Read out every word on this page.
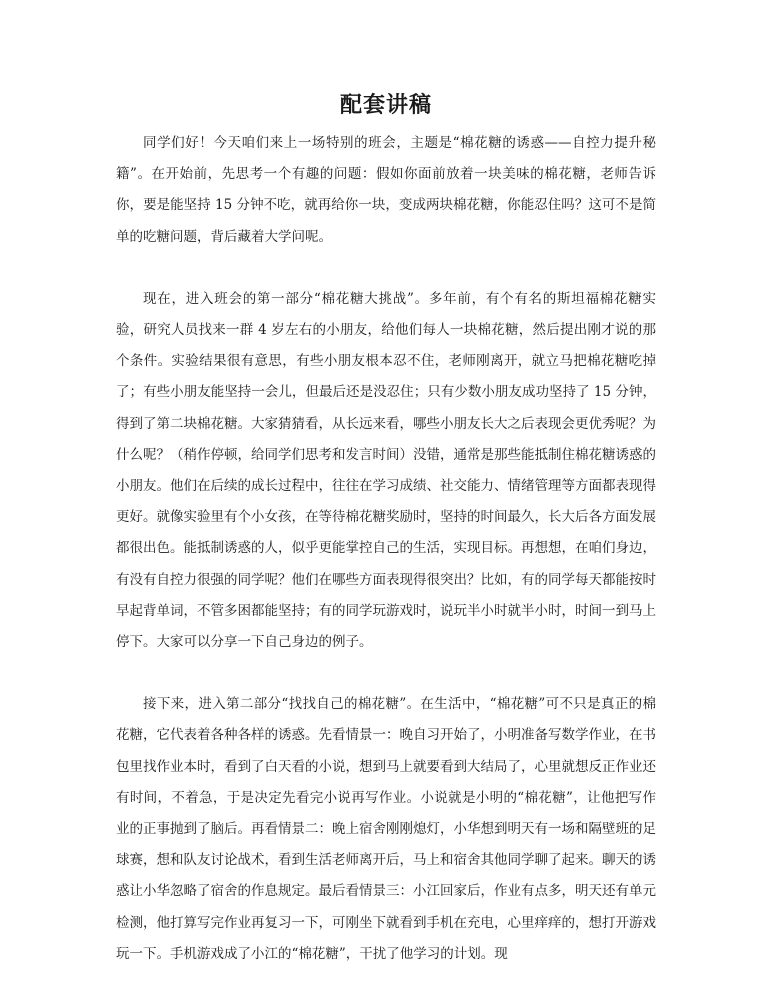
配套讲稿

同学们好！今天咱们来上一场特别的班会，主题是“棉花糖的诱惑——自控力提升秘籍”。在开始前，先思考一个有趣的问题：假如你面前放着一块美味的棉花糖，老师告诉你，要是能坚持 15 分钟不吃，就再给你一块，变成两块棉花糖，你能忍住吗？这可不是简单的吃糖问题，背后藏着大学问呢。

现在，进入班会的第一部分“棉花糖大挑战”。多年前，有个有名的斯坦福棉花糖实验，研究人员找来一群 4 岁左右的小朋友，给他们每人一块棉花糖，然后提出刚才说的那个条件。实验结果很有意思，有些小朋友根本忍不住，老师刚离开，就立马把棉花糖吃掉了；有些小朋友能坚持一会儿，但最后还是没忍住；只有少数小朋友成功坚持了 15 分钟，得到了第二块棉花糖。大家猜猜看，从长远来看，哪些小朋友长大之后表现会更优秀呢？为什么呢？（稍作停顿，给同学们思考和发言时间）没错，通常是那些能抵制住棉花糖诱惑的小朋友。他们在后续的成长过程中，往往在学习成绩、社交能力、情绪管理等方面都表现得更好。就像实验里有个小女孩，在等待棉花糖奖励时，坚持的时间最久，长大后各方面发展都很出色。能抵制诱惑的人，似乎更能掌控自己的生活，实现目标。再想想，在咱们身边，有没有自控力很强的同学呢？他们在哪些方面表现得很突出？比如，有的同学每天都能按时早起背单词，不管多困都能坚持；有的同学玩游戏时，说玩半小时就半小时，时间一到马上停下。大家可以分享一下自己身边的例子。

接下来，进入第二部分“找找自己的棉花糖”。在生活中，“棉花糖”可不只是真正的棉花糖，它代表着各种各样的诱惑。先看情景一：晚自习开始了，小明准备写数学作业，在书包里找作业本时，看到了白天看的小说，想到马上就要看到大结局了，心里就想反正作业还有时间，不着急，于是决定先看完小说再写作业。小说就是小明的“棉花糖”，让他把写作业的正事抛到了脑后。再看情景二：晚上宿舍刚刚熄灯，小华想到明天有一场和隔壁班的足球赛，想和队友讨论战术，看到生活老师离开后，马上和宿舍其他同学聊了起来。聊天的诱惑让小华忽略了宿舍的作息规定。最后看情景三：小江回家后，作业有点多，明天还有单元检测，他打算写完作业再复习一下，可刚坐下就看到手机在充电，心里痒痒的，想打开游戏玩一下。手机游戏成了小江的“棉花糖”，干扰了他学习的计划。现
